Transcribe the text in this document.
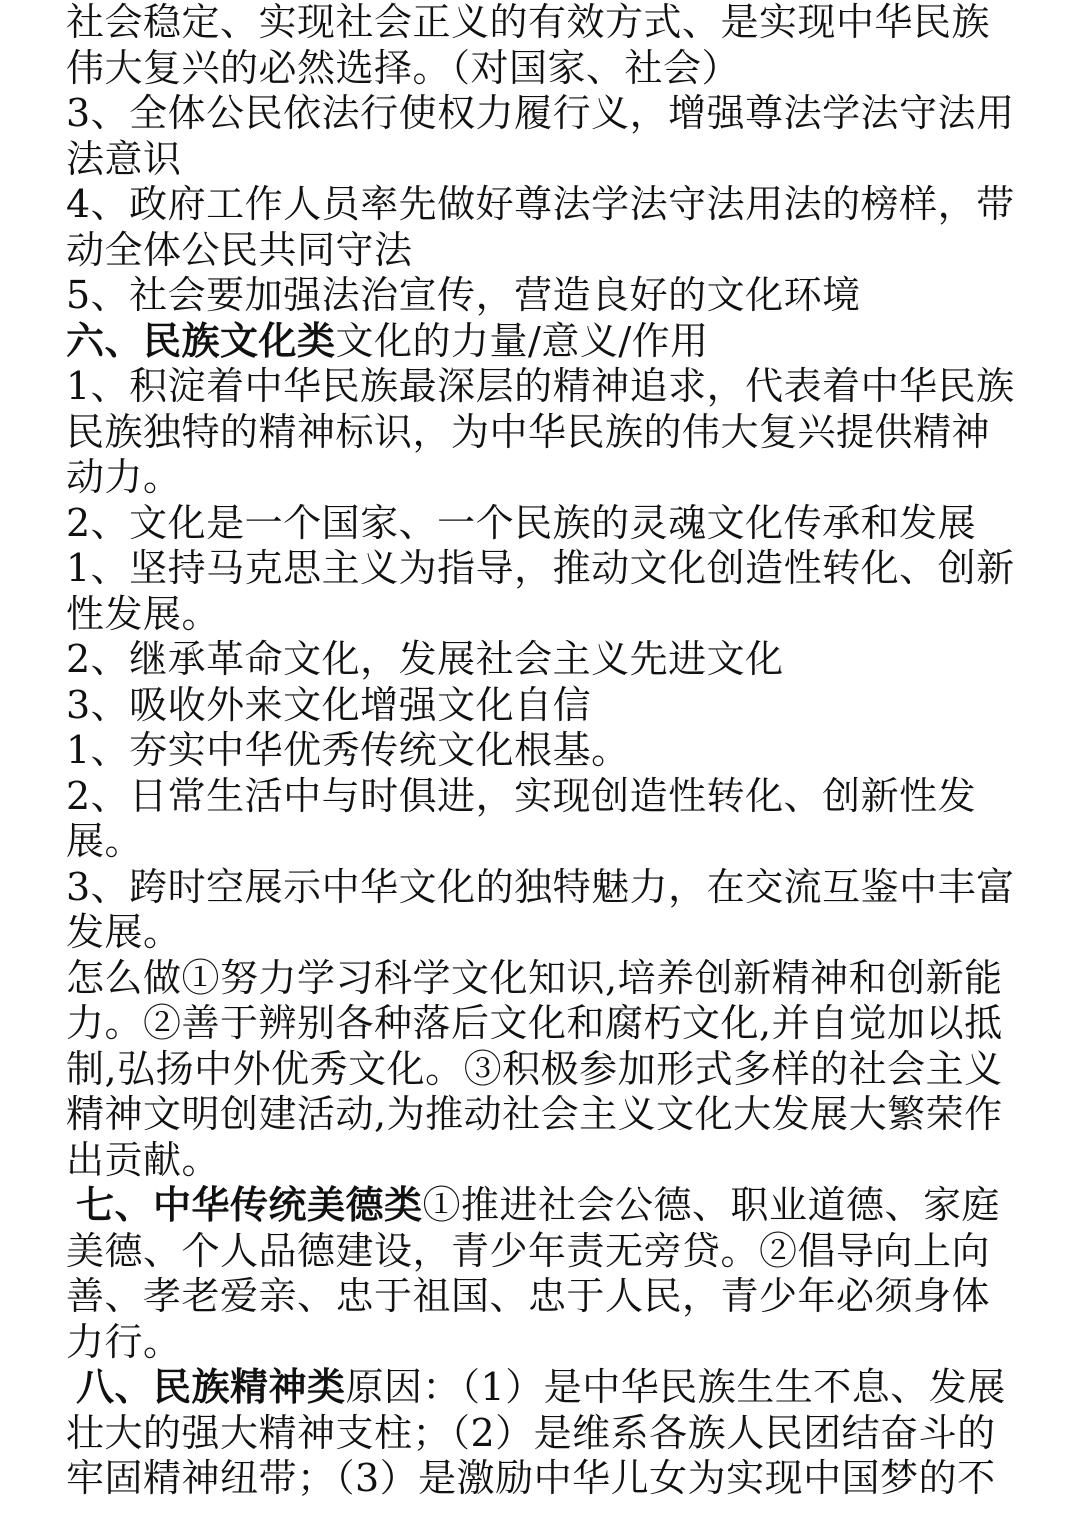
社会稳定、实现社会正义的有效方式、是实现中华民族
伟大复兴的必然选择。（对国家、社会）
3、全体公民依法行使权力履行义，增强尊法学法守法用
法意识
4、政府工作人员率先做好尊法学法守法用法的榜样，带
动全体公民共同守法
5、社会要加强法治宣传，营造良好的文化环境
六、民族文化类文化的力量/意义/作用
1、积淀着中华民族最深层的精神追求，代表着中华民族
民族独特的精神标识，为中华民族的伟大复兴提供精神
动力。
2、文化是一个国家、一个民族的灵魂文化传承和发展
1、坚持马克思主义为指导，推动文化创造性转化、创新
性发展。
2、继承革命文化，发展社会主义先进文化
3、吸收外来文化增强文化自信
1、夯实中华优秀传统文化根基。
2、日常生活中与时俱进，实现创造性转化、创新性发
展。
3、跨时空展示中华文化的独特魅力，在交流互鉴中丰富
发展。
怎么做①努力学习科学文化知识,培养创新精神和创新能
力。②善于辨别各种落后文化和腐朽文化,并自觉加以抵
制,弘扬中外优秀文化。③积极参加形式多样的社会主义
精神文明创建活动,为推动社会主义文化大发展大繁荣作
出贡献。
七、中华传统美德类①推进社会公德、职业道德、家庭
美德、个人品德建设，青少年责无旁贷。②倡导向上向
善、孝老爱亲、忠于祖国、忠于人民，青少年必须身体
力行。
八、民族精神类原因：（1）是中华民族生生不息、发展
壮大的强大精神支柱；（2）是维系各族人民团结奋斗的
牢固精神纽带；（3）是激励中华儿女为实现中国梦的不
